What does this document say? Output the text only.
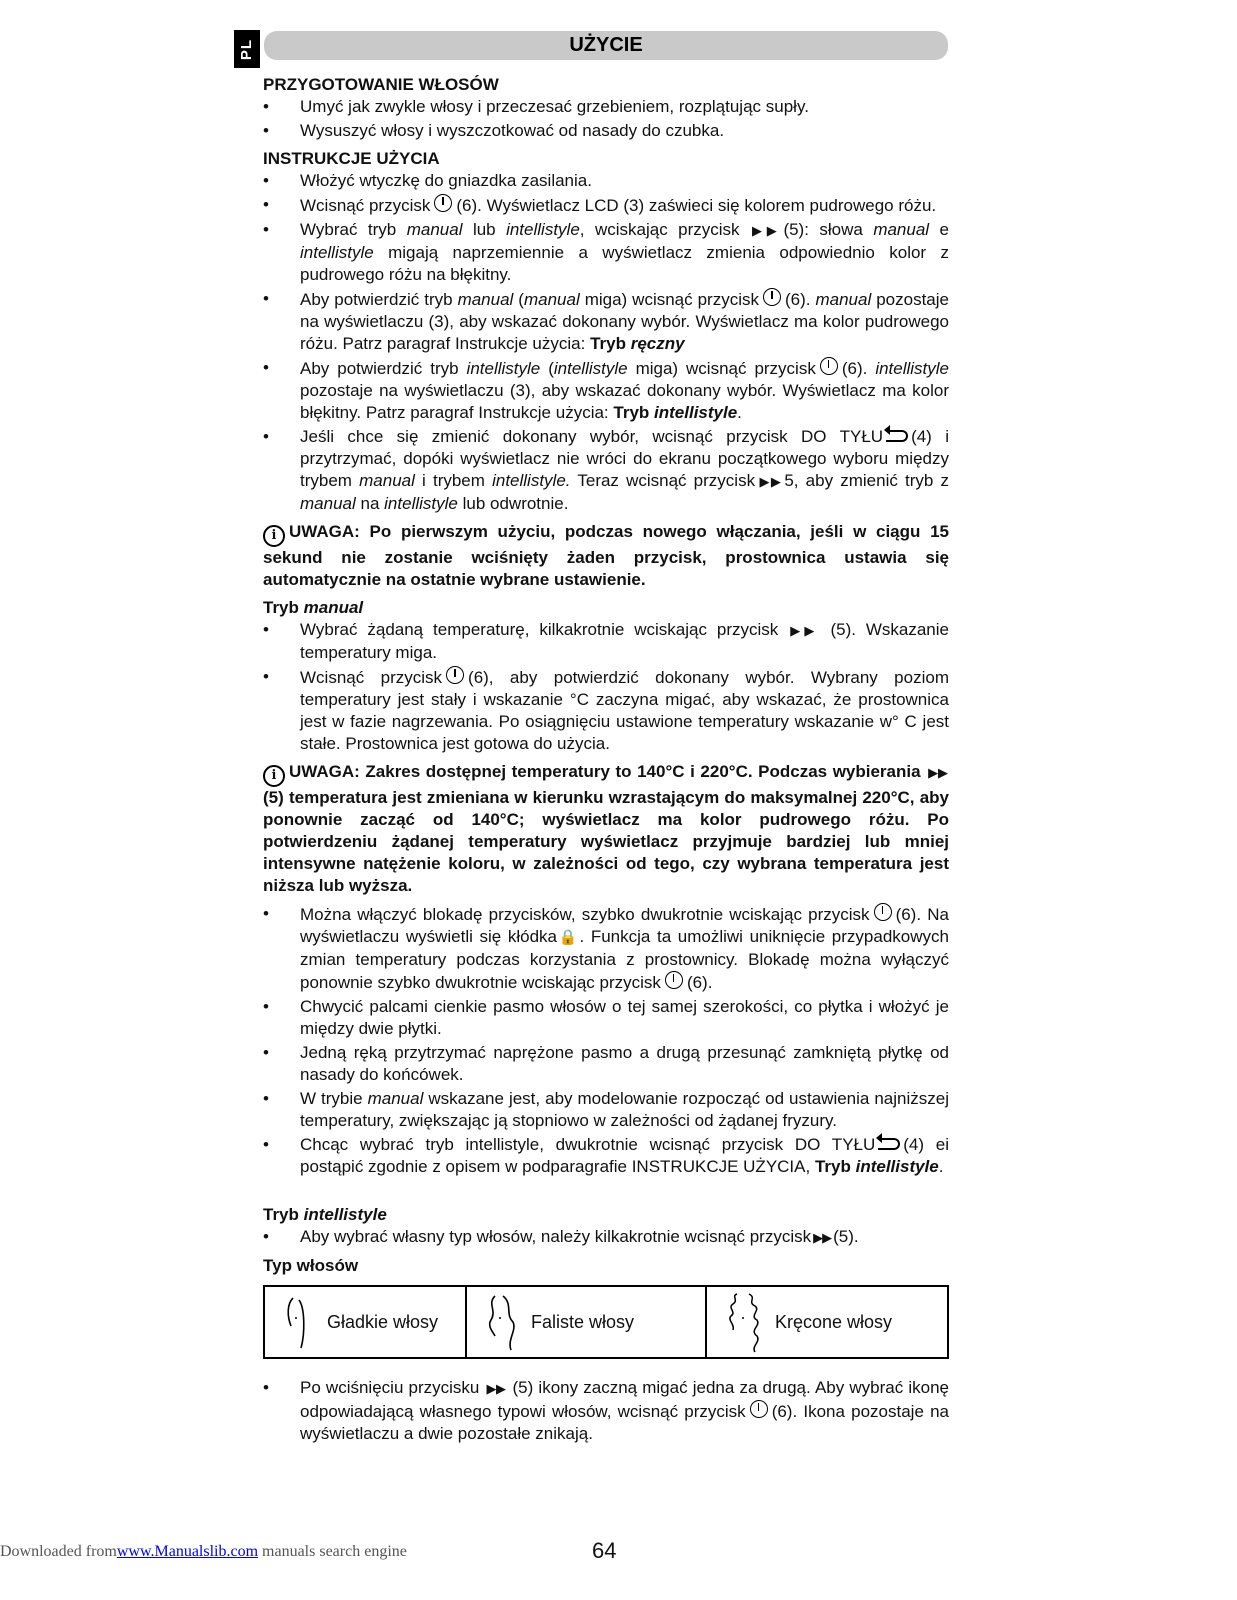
PL	UŻYCIE
PRZYGOTOWANIE WŁOSÓW
• Umyć jak zwykle włosy i przeczesać grzebieniem, rozplątując supły.
• Wysuszyć włosy i wyszczotkować od nasady do czubka.
INSTRUKCJE UŻYCIA
• Włożyć wtyczkę do gniazdka zasilania.
• Wcisnąć przycisk (6). Wyświetlacz LCD (3) zaświeci się kolorem pudrowego różu.
• Wybrać tryb manual lub intellistyle, wciskając przycisk ▶▶ (5): słowa manual e intellistyle migają naprzemiennie a wyświetlacz zmienia odpowiednio kolor z pudrowego różu na błękitny.
• Aby potwierdzić tryb manual (manual miga) wcisnąć przycisk (6). manual pozostaje na wyświetlaczu (3), aby wskazać dokonany wybór. Wyświetlacz ma kolor pudrowego różu. Patrz paragraf Instrukcje użycia: Tryb ręczny
• Aby potwierdzić tryb intellistyle (intellistyle miga) wcisnąć przycisk (6). intellistyle pozostaje na wyświetlaczu (3), aby wskazać dokonany wybór. Wyświetlacz ma kolor błękitny. Patrz paragraf Instrukcje użycia: Tryb intellistyle.
• Jeśli chce się zmienić dokonany wybór, wcisnąć przycisk DO TYŁU (4) i przytrzymać, dopóki wyświetlacz nie wróci do ekranu początkowego wyboru między trybem manual i trybem intellistyle. Teraz wcisnąć przycisk ▶▶ 5, aby zmienić tryb z manual na intellistyle lub odwrotnie.

i UWAGA: Po pierwszym użyciu, podczas nowego włączania, jeśli w ciągu 15 sekund nie zostanie wciśnięty żaden przycisk, prostownica ustawia się automatycznie na ostatnie wybrane ustawienie.

Tryb manual
• Wybrać żądaną temperaturę, kilkakrotnie wciskając przycisk ▶▶ (5). Wskazanie temperatury miga.
• Wcisnąć przycisk (6), aby potwierdzić dokonany wybór. Wybrany poziom temperatury jest stały i wskazanie °C zaczyna migać, aby wskazać, że prostownica jest w fazie nagrzewania. Po osiągnięciu ustawione temperatury wskazanie w° C jest stałe. Prostownica jest gotowa do użycia.

i UWAGA: Zakres dostępnej temperatury to 140°C i 220°C. Podczas wybierania ▶▶ (5) temperatura jest zmieniana w kierunku wzrastającym do maksymalnej 220°C, aby ponownie zacząć od 140°C; wyświetlacz ma kolor pudrowego różu. Po potwierdzeniu żądanej temperatury wyświetlacz przyjmuje bardziej lub mniej intensywne natężenie koloru, w zależności od tego, czy wybrana temperatura jest niższa lub wyższa.

• Można włączyć blokadę przycisków, szybko dwukrotnie wciskając przycisk (6). Na wyświetlaczu wyświetli się kłódka🔒. Funkcja ta umożliwi uniknięcie przypadkowych zmian temperatury podczas korzystania z prostownicy. Blokadę można wyłączyć ponownie szybko dwukrotnie wciskając przycisk (6).
• Chwycić palcami cienkie pasmo włosów o tej samej szerokości, co płytka i włożyć je między dwie płytki.
• Jedną ręką przytrzymać naprężone pasmo a drugą przesunąć zamkniętą płytkę od nasady do końcówek.
• W trybie manual wskazane jest, aby modelowanie rozpocząć od ustawienia najniższej temperatury, zwiększając ją stopniowo w zależności od żądanej fryzury.
• Chcąc wybrać tryb intellistyle, dwukrotnie wcisnąć przycisk DO TYŁU (4) ei postąpić zgodnie z opisem w podparagrafie INSTRUKCJE UŻYCIA, Tryb intellistyle.
Tryb intellistyle
• Aby wybrać własny typ włosów, należy kilkakrotnie wcisnąć przycisk ▶▶ (5).
Typ włosów
Gładkie włosy	Faliste włosy	Kręcone włosy
• Po wciśnięciu przycisku ▶▶ (5) ikony zaczną migać jedna za drugą. Aby wybrać ikonę odpowiadającą własnego typowi włosów, wcisnąć przycisk (6). Ikona pozostaje na wyświetlaczu a dwie pozostałe znikają.
Downloaded fromwww.Manualslib.com manuals search engine	64
